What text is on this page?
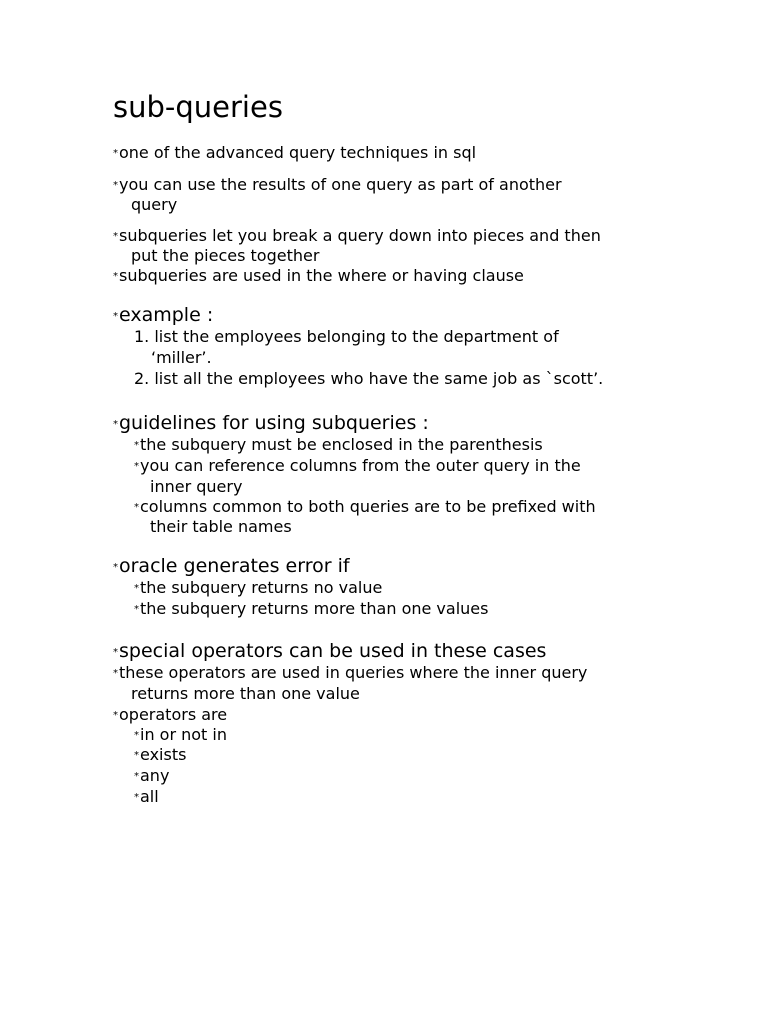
sub-queries
*one of the advanced query techniques in sql
*you can use the results of one query as part of another
query
*subqueries let you break a query down into pieces and then
put the pieces together
*subqueries are used in the where or having clause
*example :
1. list the employees belonging to the department of
‘miller’.
2. list all the employees who have the same job as `scott’.
*guidelines for using subqueries :
*the subquery must be enclosed in the parenthesis
*you can reference columns from the outer query in the
inner query
*columns common to both queries are to be prefixed with
their table names
*oracle generates error if
*the subquery returns no value
*the subquery returns more than one values
*special operators can be used in these cases
*these operators are used in queries where the inner query
returns more than one value
*operators are
*in or not in
*exists
*any
*all
